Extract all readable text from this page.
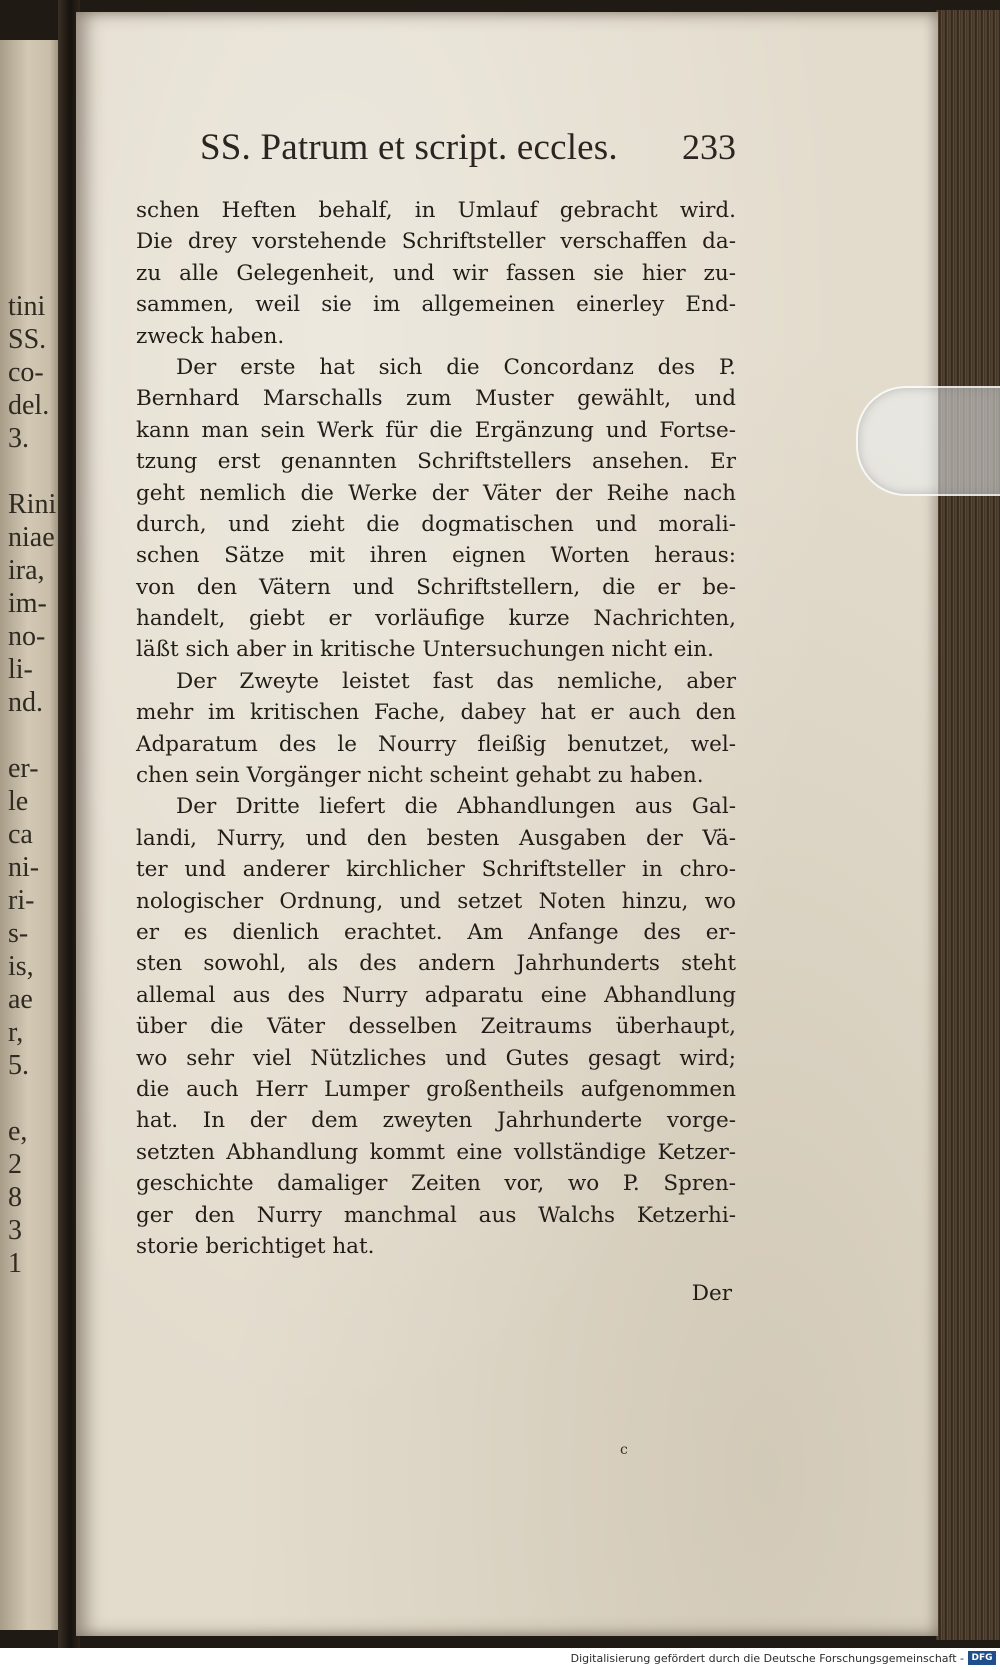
tini
SS.
co-
del.
3.

Rini
niae
ira,
im-
no-
li-
nd.

er-
le
ca
ni-
ri-
s-
is,
ae
r,
5.

e,
2
8
3
1
SS. Patrum et script. eccles. 233
schen Heften behalf, in Umlauf gebracht wird.
Die drey vorstehende Schriftsteller verschaffen da-
zu alle Gelegenheit, und wir fassen sie hier zu-
sammen, weil sie im allgemeinen einerley End-
zweck haben.
Der erste hat sich die Concordanz des P.
Bernhard Marschalls zum Muster gewählt, und
kann man sein Werk für die Ergänzung und Fortse-
tzung erst genannten Schriftstellers ansehen. Er
geht nemlich die Werke der Väter der Reihe nach
durch, und zieht die dogmatischen und morali-
schen Sätze mit ihren eignen Worten heraus:
von den Vätern und Schriftstellern, die er be-
handelt, giebt er vorläufige kurze Nachrichten,
läßt sich aber in kritische Untersuchungen nicht ein.
Der Zweyte leistet fast das nemliche, aber
mehr im kritischen Fache, dabey hat er auch den
Adparatum des le Nourry fleißig benutzet, wel-
chen sein Vorgänger nicht scheint gehabt zu haben.
Der Dritte liefert die Abhandlungen aus Gal-
landi, Nurry, und den besten Ausgaben der Vä-
ter und anderer kirchlicher Schriftsteller in chro-
nologischer Ordnung, und setzet Noten hinzu, wo
er es dienlich erachtet. Am Anfange des er-
sten sowohl, als des andern Jahrhunderts steht
allemal aus des Nurry adparatu eine Abhandlung
über die Väter desselben Zeitraums überhaupt,
wo sehr viel Nützliches und Gutes gesagt wird;
die auch Herr Lumper großentheils aufgenommen
hat. In der dem zweyten Jahrhunderte vorge-
setzten Abhandlung kommt eine vollständige Ketzer-
geschichte damaliger Zeiten vor, wo P. Spren-
ger den Nurry manchmal aus Walchs Ketzerhi-
storie berichtiget hat.
Der
c
Digitalisierung gefördert durch die Deutsche Forschungsgemeinschaft - DFG
